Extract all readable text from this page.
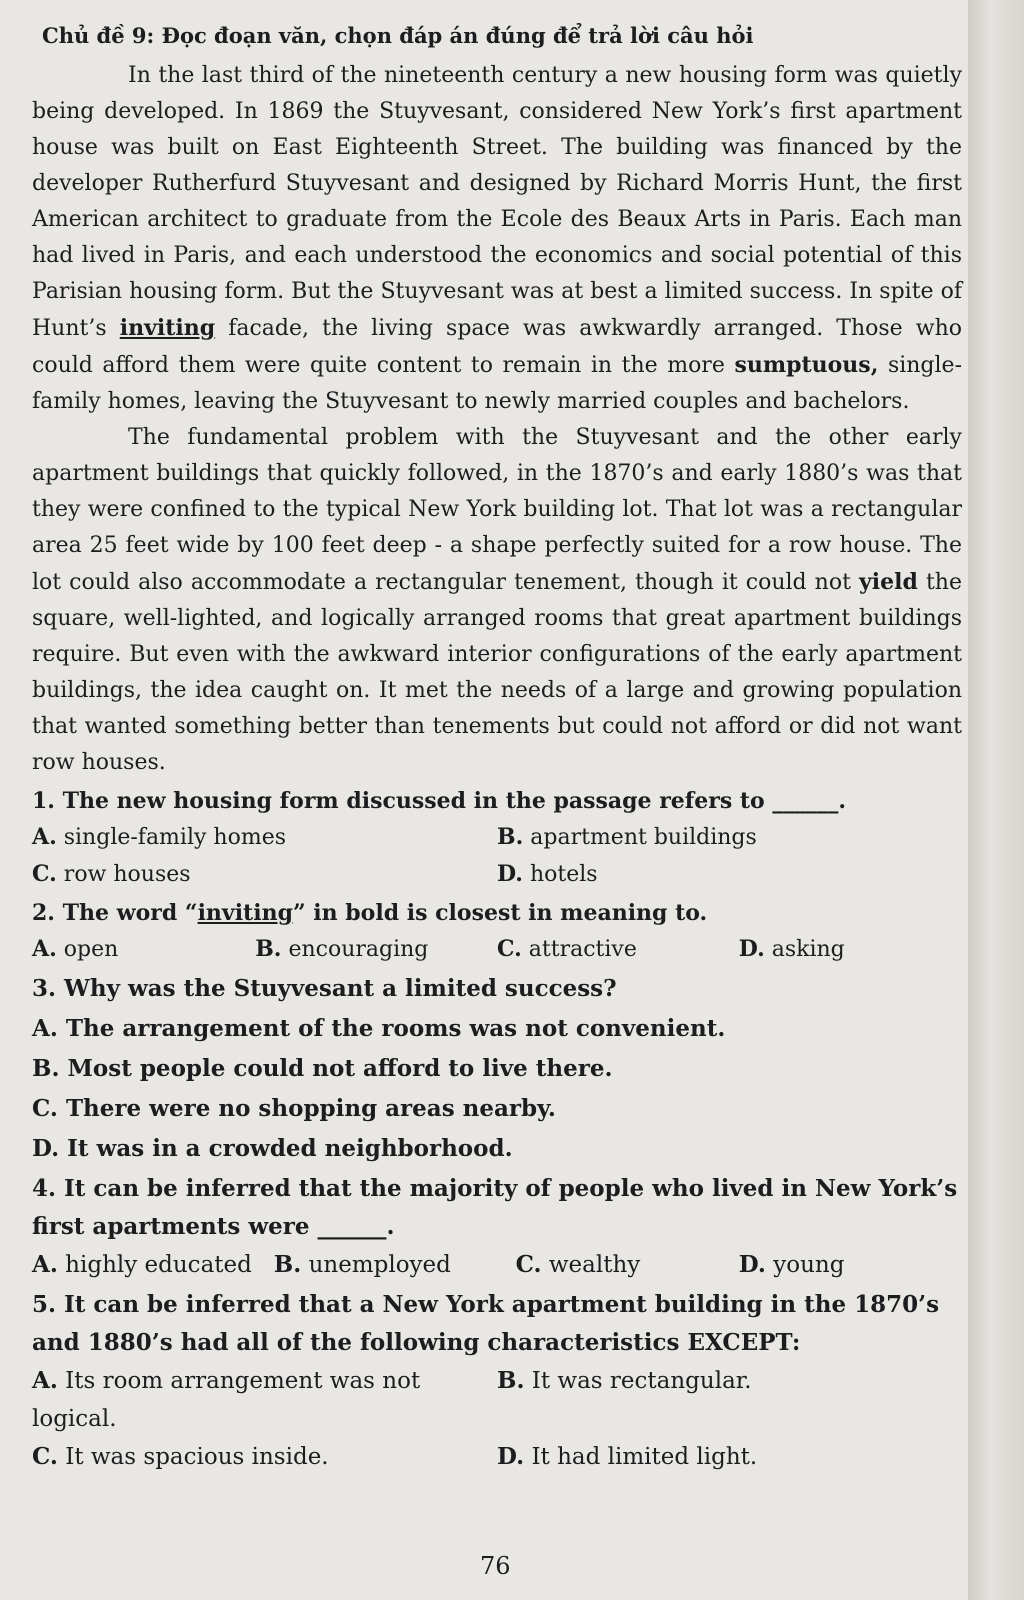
Chủ đề 9: Đọc đoạn văn, chọn đáp án đúng để trả lời câu hỏi

In the last third of the nineteenth century a new housing form was quietly being developed. In 1869 the Stuyvesant, considered New York’s first apartment house was built on East Eighteenth Street. The building was financed by the developer Rutherfurd Stuyvesant and designed by Richard Morris Hunt, the first American architect to graduate from the Ecole des Beaux Arts in Paris. Each man had lived in Paris, and each understood the economics and social potential of this Parisian housing form. But the Stuyvesant was at best a limited success. In spite of Hunt’s inviting facade, the living space was awkwardly arranged. Those who could afford them were quite content to remain in the more sumptuous, single-family homes, leaving the Stuyvesant to newly married couples and bachelors.

The fundamental problem with the Stuyvesant and the other early apartment buildings that quickly followed, in the 1870’s and early 1880’s was that they were confined to the typical New York building lot. That lot was a rectangular area 25 feet wide by 100 feet deep - a shape perfectly suited for a row house. The lot could also accommodate a rectangular tenement, though it could not yield the square, well-lighted, and logically arranged rooms that great apartment buildings require. But even with the awkward interior configurations of the early apartment buildings, the idea caught on. It met the needs of a large and growing population that wanted something better than tenements but could not afford or did not want row houses.

1. The new housing form discussed in the passage refers to ______.
A. single-family homes	B. apartment buildings
C. row houses	D. hotels
2. The word “inviting” in bold is closest in meaning to.
A. open	B. encouraging	C. attractive	D. asking
3. Why was the Stuyvesant a limited success?
A. The arrangement of the rooms was not convenient.
B. Most people could not afford to live there.
C. There were no shopping areas nearby.
D. It was in a crowded neighborhood.
4. It can be inferred that the majority of people who lived in New York’s first apartments were ______.
A. highly educated B. unemployed	C. wealthy	D. young
5. It can be inferred that a New York apartment building in the 1870’s and 1880’s had all of the following characteristics EXCEPT:
A. Its room arrangement was not logical.
B. It was rectangular.
C. It was spacious inside.	D. It had limited light.
76
